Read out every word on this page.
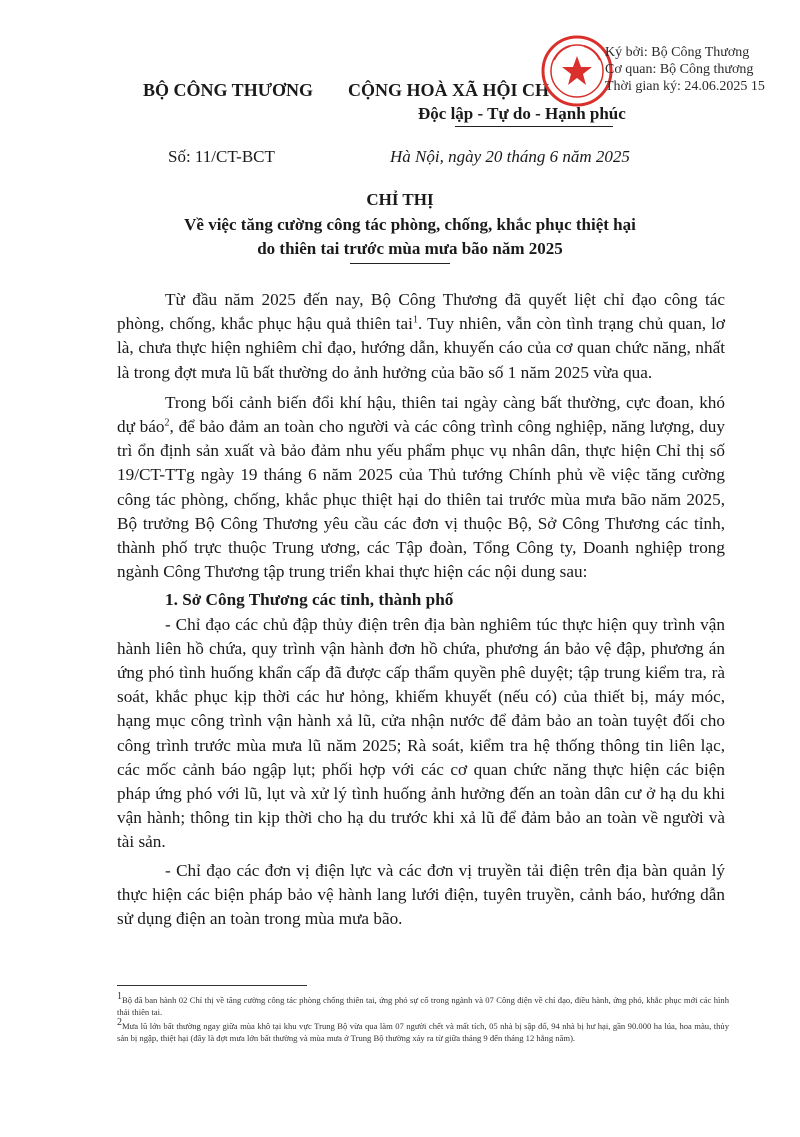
BỘ CÔNG THƯƠNG CỘNG HOÀ XÃ HỘI CH
Độc lập - Tự do - Hạnh phúc
Ký bởi: Bộ Công Thương
Cơ quan: Bộ Công thương
Thời gian ký: 24.06.2025 15
Số: 11/CT-BCT	Hà Nội, ngày 20 tháng 6 năm 2025
CHỈ THỊ
Về việc tăng cường công tác phòng, chống, khắc phục thiệt hại
do thiên tai trước mùa mưa bão năm 2025

Từ đầu năm 2025 đến nay, Bộ Công Thương đã quyết liệt chỉ đạo công tác phòng, chống, khắc phục hậu quả thiên tai$^1$. Tuy nhiên, vẫn còn tình trạng chủ quan, lơ là, chưa thực hiện nghiêm chỉ đạo, hướng dẫn, khuyến cáo của cơ quan chức năng, nhất là trong đợt mưa lũ bất thường do ảnh hưởng của bão số 1 năm 2025 vừa qua.

Trong bối cảnh biến đổi khí hậu, thiên tai ngày càng bất thường, cực đoan, khó dự báo$^2$, để bảo đảm an toàn cho người và các công trình công nghiệp, năng lượng, duy trì ổn định sản xuất và bảo đảm nhu yếu phẩm phục vụ nhân dân, thực hiện Chỉ thị số 19/CT-TTg ngày 19 tháng 6 năm 2025 của Thủ tướng Chính phủ về việc tăng cường công tác phòng, chống, khắc phục thiệt hại do thiên tai trước mùa mưa bão năm 2025, Bộ trưởng Bộ Công Thương yêu cầu các đơn vị thuộc Bộ, Sở Công Thương các tỉnh, thành phố trực thuộc Trung ương, các Tập đoàn, Tổng Công ty, Doanh nghiệp trong ngành Công Thương tập trung triển khai thực hiện các nội dung sau:

1. Sở Công Thương các tỉnh, thành phố

- Chỉ đạo các chủ đập thủy điện trên địa bàn nghiêm túc thực hiện quy trình vận hành liên hồ chứa, quy trình vận hành đơn hồ chứa, phương án bảo vệ đập, phương án ứng phó tình huống khẩn cấp đã được cấp thẩm quyền phê duyệt; tập trung kiểm tra, rà soát, khắc phục kịp thời các hư hỏng, khiếm khuyết (nếu có) của thiết bị, máy móc, hạng mục công trình vận hành xả lũ, cửa nhận nước để đảm bảo an toàn tuyệt đối cho công trình trước mùa mưa lũ năm 2025; Rà soát, kiểm tra hệ thống thông tin liên lạc, các mốc cảnh báo ngập lụt; phối hợp với các cơ quan chức năng thực hiện các biện pháp ứng phó với lũ, lụt và xử lý tình huống ảnh hưởng đến an toàn dân cư ở hạ du khi vận hành; thông tin kịp thời cho hạ du trước khi xả lũ để đảm bảo an toàn về người và tài sản.

- Chỉ đạo các đơn vị điện lực và các đơn vị truyền tải điện trên địa bàn quản lý thực hiện các biện pháp bảo vệ hành lang lưới điện, tuyên truyền, cảnh báo, hướng dẫn sử dụng điện an toàn trong mùa mưa bão.

$^1$Bộ đã ban hành 02 Chỉ thị về tăng cường công tác phòng chống thiên tai, ứng phó sự cố trong ngành và 07 Công điện về chỉ đạo, điều hành, ứng phó, khắc phục mới các hình thái thiên tai.

$^2$Mưa lũ lớn bất thường ngay giữa mùa khô tại khu vực Trung Bộ vừa qua làm 07 người chết và mất tích, 05 nhà bị sập đổ, 94 nhà bị hư hại, gần 90.000 ha lúa, hoa màu, thủy sản bị ngập, thiệt hại (đây là đợt mưa lớn bất thường và mùa mưa ở Trung Bộ thường xảy ra từ giữa tháng 9 đến tháng 12 hằng năm).
